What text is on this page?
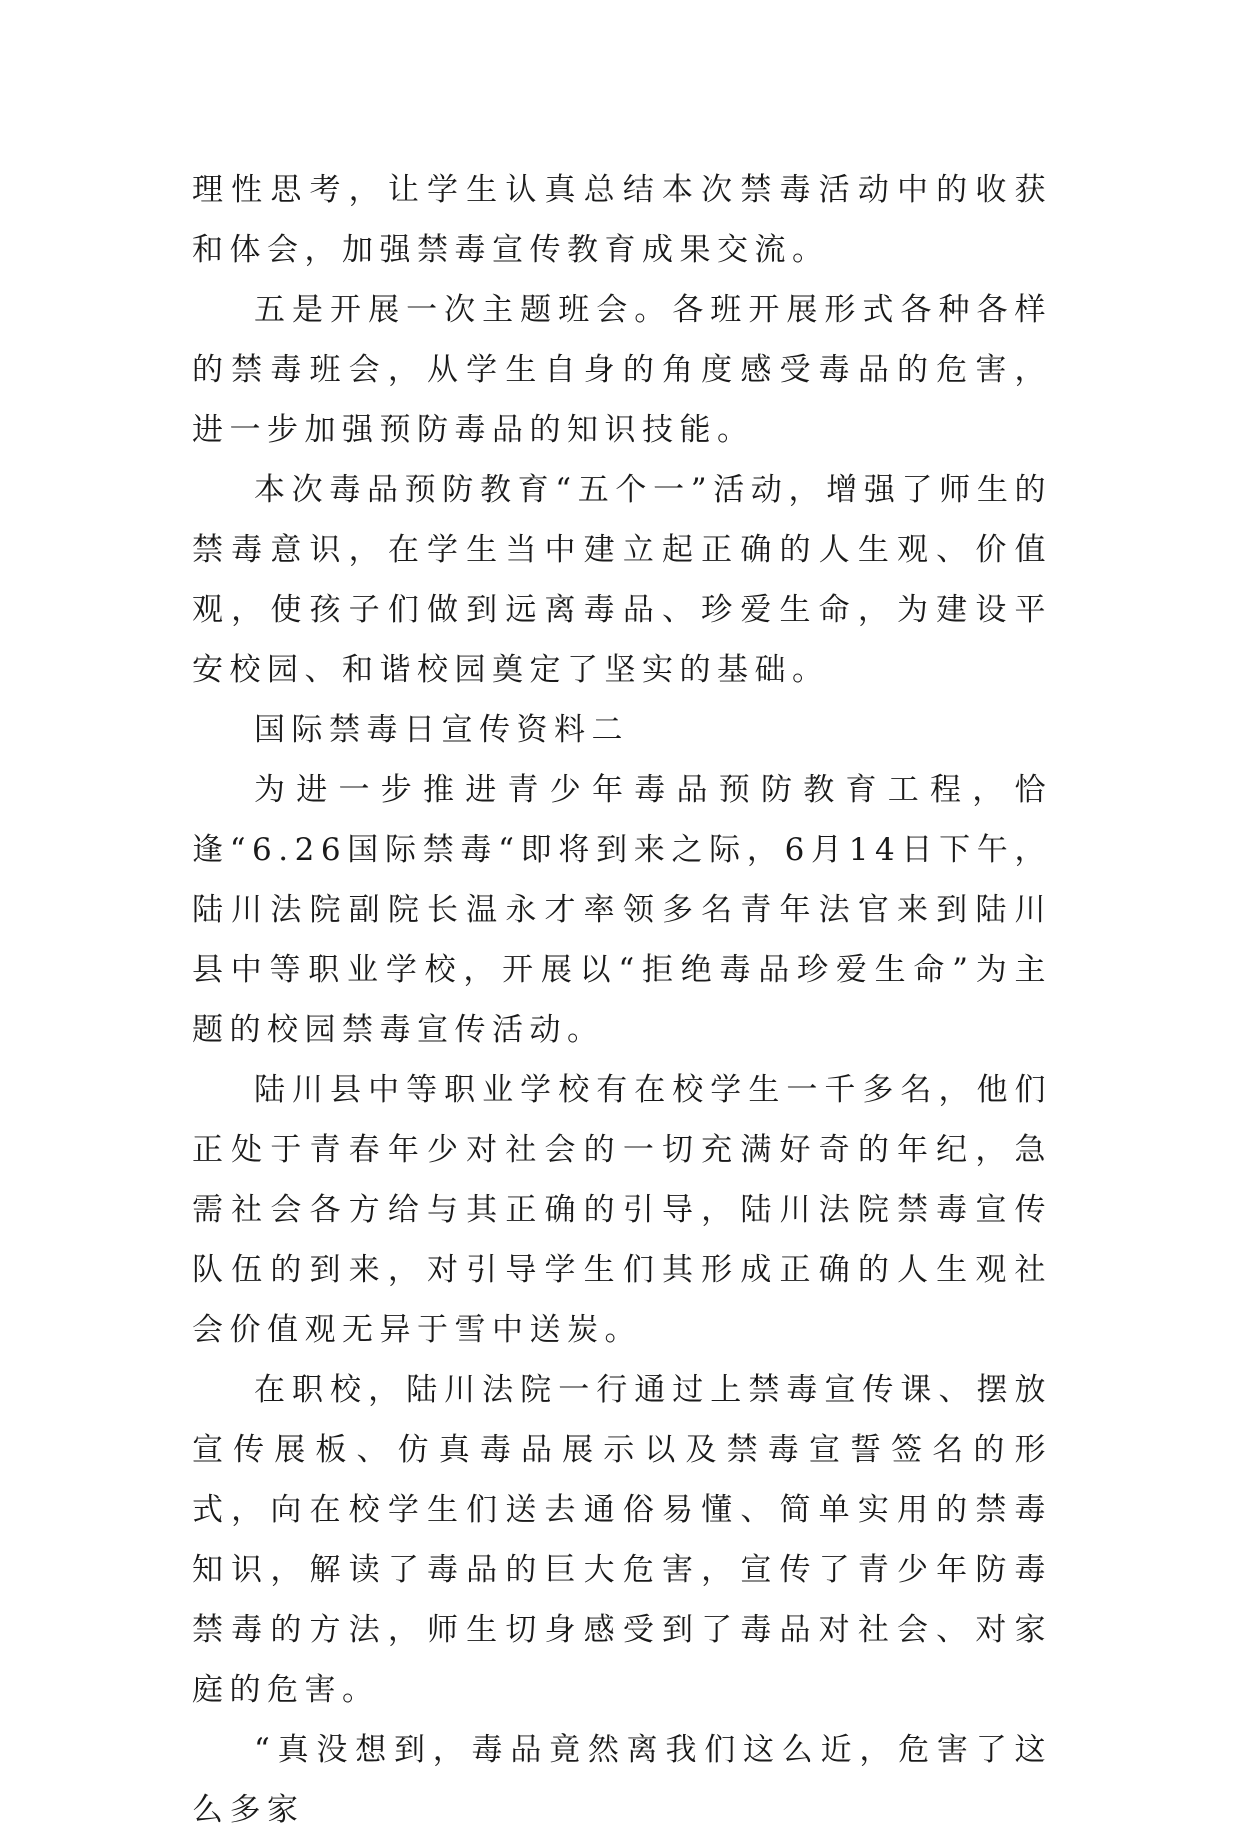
理性思考，让学生认真总结本次禁毒活动中的收获和体会，加强禁毒宣传教育成果交流。

五是开展一次主题班会。各班开展形式各种各样的禁毒班会，从学生自身的角度感受毒品的危害，进一步加强预防毒品的知识技能。

本次毒品预防教育“五个一”活动，增强了师生的禁毒意识，在学生当中建立起正确的人生观、价值观，使孩子们做到远离毒品、珍爱生命，为建设平安校园、和谐校园奠定了坚实的基础。

国际禁毒日宣传资料二

为进一步推进青少年毒品预防教育工程，恰逢“6.26国际禁毒“即将到来之际，6月14日下午，陆川法院副院长温永才率领多名青年法官来到陆川县中等职业学校，开展以“拒绝毒品珍爱生命”为主题的校园禁毒宣传活动。

陆川县中等职业学校有在校学生一千多名，他们正处于青春年少对社会的一切充满好奇的年纪，急需社会各方给与其正确的引导，陆川法院禁毒宣传队伍的到来，对引导学生们其形成正确的人生观社会价值观无异于雪中送炭。

在职校，陆川法院一行通过上禁毒宣传课、摆放宣传展板、仿真毒品展示以及禁毒宣誓签名的形式，向在校学生们送去通俗易懂、简单实用的禁毒知识，解读了毒品的巨大危害，宣传了青少年防毒禁毒的方法，师生切身感受到了毒品对社会、对家庭的危害。

“真没想到，毒品竟然离我们这么近，危害了这么多家
